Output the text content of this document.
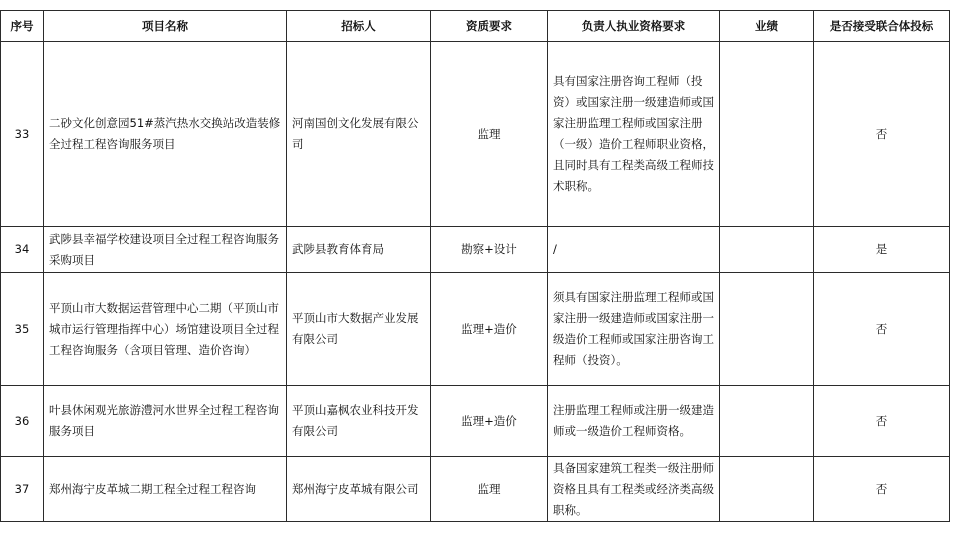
序号	项目名称	招标人	资质要求	负责人执业资格要求	业绩	是否接受联合体投标
33	二砂文化创意园51#蒸汽热水交换站改造装修全过程工程咨询服务项目	河南国创文化发展有限公司	监理	具有国家注册咨询工程师（投资）或国家注册一级建造师或国家注册监理工程师或国家注册（一级）造价工程师职业资格，且同时具有工程类高级工程师技术职称。		否
34	武陟县幸福学校建设项目全过程工程咨询服务采购项目	武陟县教育体育局	勘察+设计	/		是
35	平顶山市大数据运营管理中心二期（平顶山市城市运行管理指挥中心）场馆建设项目全过程工程咨询服务（含项目管理、造价咨询）	平顶山市大数据产业发展有限公司	监理+造价	须具有国家注册监理工程师或国家注册一级建造师或国家注册一级造价工程师或国家注册咨询工程师（投资）。		否
36	叶县休闲观光旅游澧河水世界全过程工程咨询服务项目	平顶山嘉枫农业科技开发有限公司	监理+造价	注册监理工程师或注册一级建造师或一级造价工程师资格。		否
37	郑州海宁皮革城二期工程全过程工程咨询	郑州海宁皮革城有限公司	监理	具备国家建筑工程类一级注册师资格且具有工程类或经济类高级职称。		否
